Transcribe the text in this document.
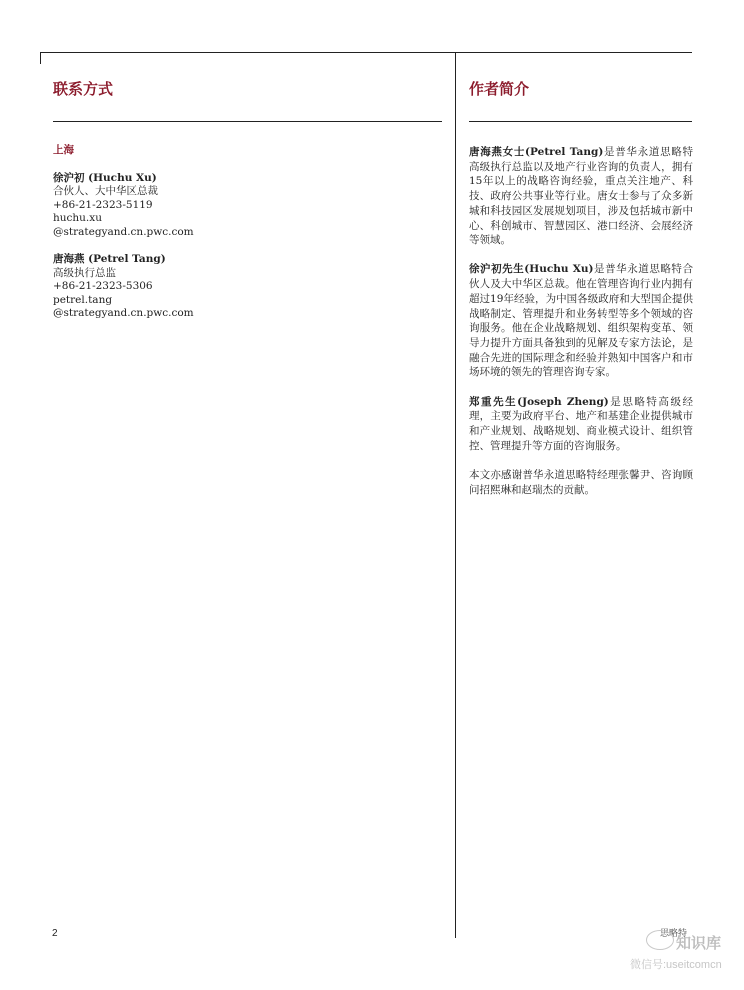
联系方式	作者简介
上海
徐沪初 (Huchu Xu)
合伙人、大中华区总裁
+86-21-2323-5119
huchu.xu
@strategyand.cn.pwc.com
唐海燕 (Petrel Tang)
高级执行总监
+86-21-2323-5306
petrel.tang
@strategyand.cn.pwc.com

唐海燕女士(Petrel Tang)是普华永道思略特高级执行总监以及地产行业咨询的负责人，拥有15年以上的战略咨询经验，重点关注地产、科技、政府公共事业等行业。唐女士参与了众多新城和科技园区发展规划项目，涉及包括城市新中心、科创城市、智慧园区、港口经济、会展经济等领域。

徐沪初先生(Huchu Xu)是普华永道思略特合伙人及大中华区总裁。他在管理咨询行业内拥有超过19年经验，为中国各级政府和大型国企提供战略制定、管理提升和业务转型等多个领域的咨询服务。他在企业战略规划、组织架构变革、领导力提升方面具备独到的见解及专家方法论，是融合先进的国际理念和经验并熟知中国客户和市场环境的领先的管理咨询专家。

郑重先生(Joseph Zheng)是思略特高级经理，主要为政府平台、地产和基建企业提供城市和产业规划、战略规划、商业模式设计、组织管控、管理提升等方面的咨询服务。

本文亦感谢普华永道思略特经理张馨尹、咨询顾问招熙琳和赵瑞杰的贡献。

2	思略特
知识库
微信号:useitcomcn
